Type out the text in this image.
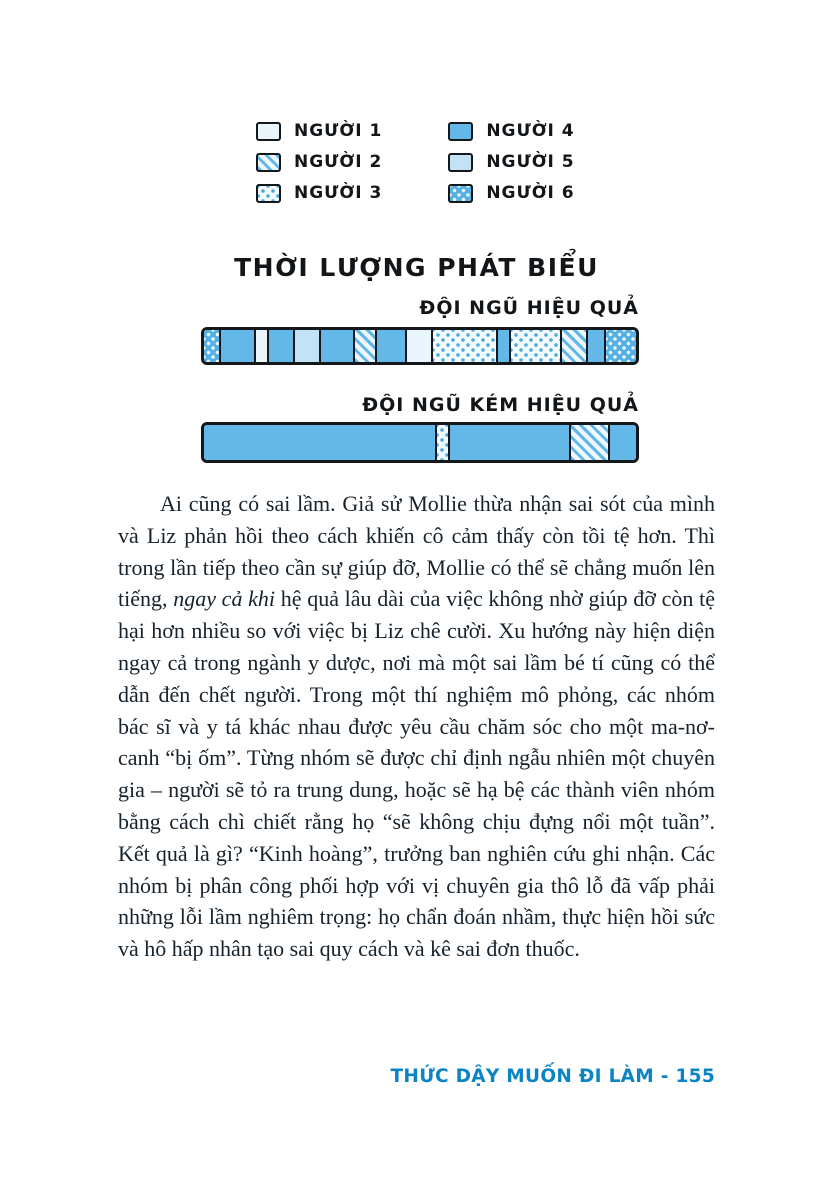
NGƯỜI 1
NGƯỜI 2
NGƯỜI 3
NGƯỜI 4
NGƯỜI 5
NGƯỜI 6
THỜI LƯỢNG PHÁT BIỂU
ĐỘI NGŨ HIỆU QUẢ
ĐỘI NGŨ KÉM HIỆU QUẢ

Ai cũng có sai lầm. Giả sử Mollie thừa nhận sai sót của mình và Liz phản hồi theo cách khiến cô cảm thấy còn tồi tệ hơn. Thì trong lần tiếp theo cần sự giúp đỡ, Mollie có thể sẽ chẳng muốn lên tiếng, ngay cả khi hệ quả lâu dài của việc không nhờ giúp đỡ còn tệ hại hơn nhiều so với việc bị Liz chê cười. Xu hướng này hiện diện ngay cả trong ngành y dược, nơi mà một sai lầm bé tí cũng có thể dẫn đến chết người. Trong một thí nghiệm mô phỏng, các nhóm bác sĩ và y tá khác nhau được yêu cầu chăm sóc cho một ma-nơ-canh “bị ốm”. Từng nhóm sẽ được chỉ định ngẫu nhiên một chuyên gia – người sẽ tỏ ra trung dung, hoặc sẽ hạ bệ các thành viên nhóm bằng cách chì chiết rằng họ “sẽ không chịu đựng nổi một tuần”. Kết quả là gì? “Kinh hoàng”, trưởng ban nghiên cứu ghi nhận. Các nhóm bị phân công phối hợp với vị chuyên gia thô lỗ đã vấp phải những lỗi lầm nghiêm trọng: họ chẩn đoán nhầm, thực hiện hồi sức và hô hấp nhân tạo sai quy cách và kê sai đơn thuốc.

THỨC DẬY MUỐN ĐI LÀM - 155
